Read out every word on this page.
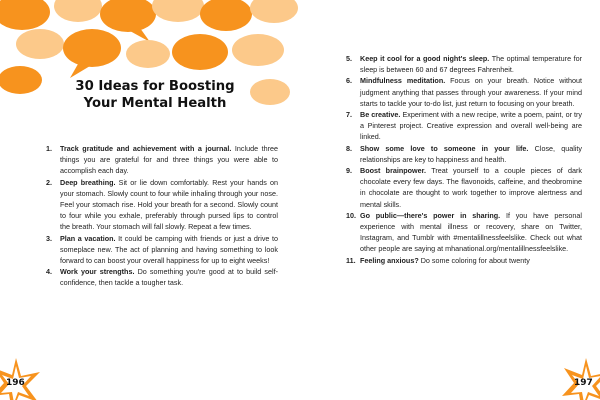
30 Ideas for Boosting
Your Mental Health
1. Track gratitude and achievement with a journal. Include three things you are grateful for and three things you were able to accomplish each day.
2. Deep breathing. Sit or lie down comfortably. Rest your hands on your stomach. Slowly count to four while inhaling through your nose. Feel your stomach rise. Hold your breath for a second. Slowly count to four while you exhale, preferably through pursed lips to control the breath. Your stomach will fall slowly. Repeat a few times.
3. Plan a vacation. It could be camping with friends or just a drive to someplace new. The act of planning and having something to look forward to can boost your overall happiness for up to eight weeks!
4. Work your strengths. Do something you're good at to build self-confidence, then tackle a tougher task.
196
5. Keep it cool for a good night's sleep. The optimal temperature for sleep is between 60 and 67 degrees Fahrenheit.
6. Mindfulness meditation. Focus on your breath. Notice without judgment anything that passes through your awareness. If your mind starts to tackle your to-do list, just return to focusing on your breath.
7. Be creative. Experiment with a new recipe, write a poem, paint, or try a Pinterest project. Creative expression and overall well-being are linked.
8. Show some love to someone in your life. Close, quality relationships are key to happiness and health.
9. Boost brainpower. Treat yourself to a couple pieces of dark chocolate every few days. The flavonoids, caffeine, and theobromine in chocolate are thought to work together to improve alertness and mental skills.
10. Go public—there's power in sharing. If you have personal experience with mental illness or recovery, share on Twitter, Instagram, and Tumblr with #mentalillnessfeelslike. Check out what other people are saying at mhanational.org/mentalillnessfeelslike.
11. Feeling anxious? Do some coloring for about twenty
197
